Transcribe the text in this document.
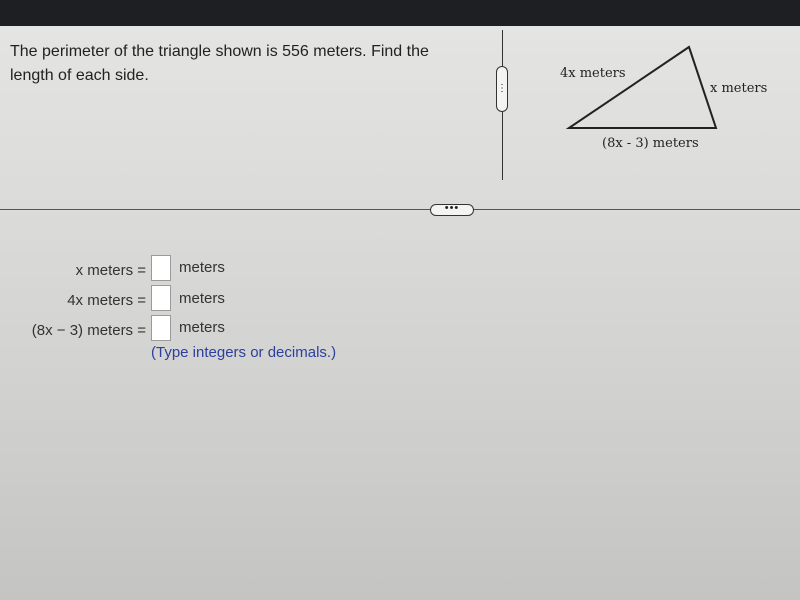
The perimeter of the triangle shown is 556 meters. Find the length of each side.

⋮
4x meters
x meters
(8x - 3) meters
•••
x meters = meters
4x meters = meters
(8x − 3) meters = meters
(Type integers or decimals.)
